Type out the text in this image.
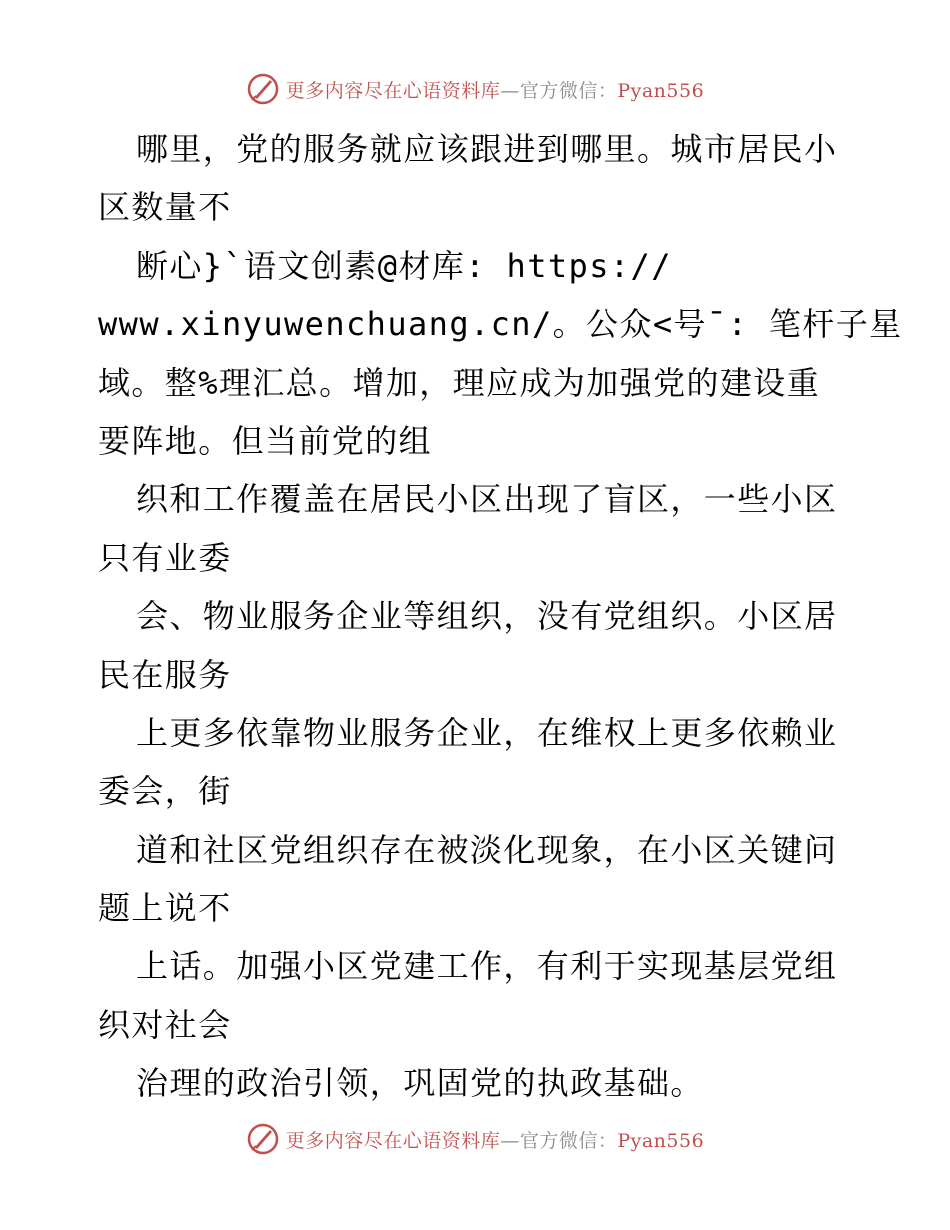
更多内容尽在心语资料库—官方微信：Pyan556
哪里，党的服务就应该跟进到哪里。城市居民小
区数量不
断心}`语文创素@材库: https://
www.xinyuwenchuang.cn/。公众<号¯: 笔杆子星
域。整%理汇总。增加，理应成为加强党的建设重
要阵地。但当前党的组
织和工作覆盖在居民小区出现了盲区，一些小区
只有业委
会、物业服务企业等组织，没有党组织。小区居
民在服务
上更多依靠物业服务企业，在维权上更多依赖业
委会，街
道和社区党组织存在被淡化现象，在小区关键问
题上说不
上话。加强小区党建工作，有利于实现基层党组
织对社会
治理的政治引领，巩固党的执政基础。
更多内容尽在心语资料库—官方微信：Pyan556
